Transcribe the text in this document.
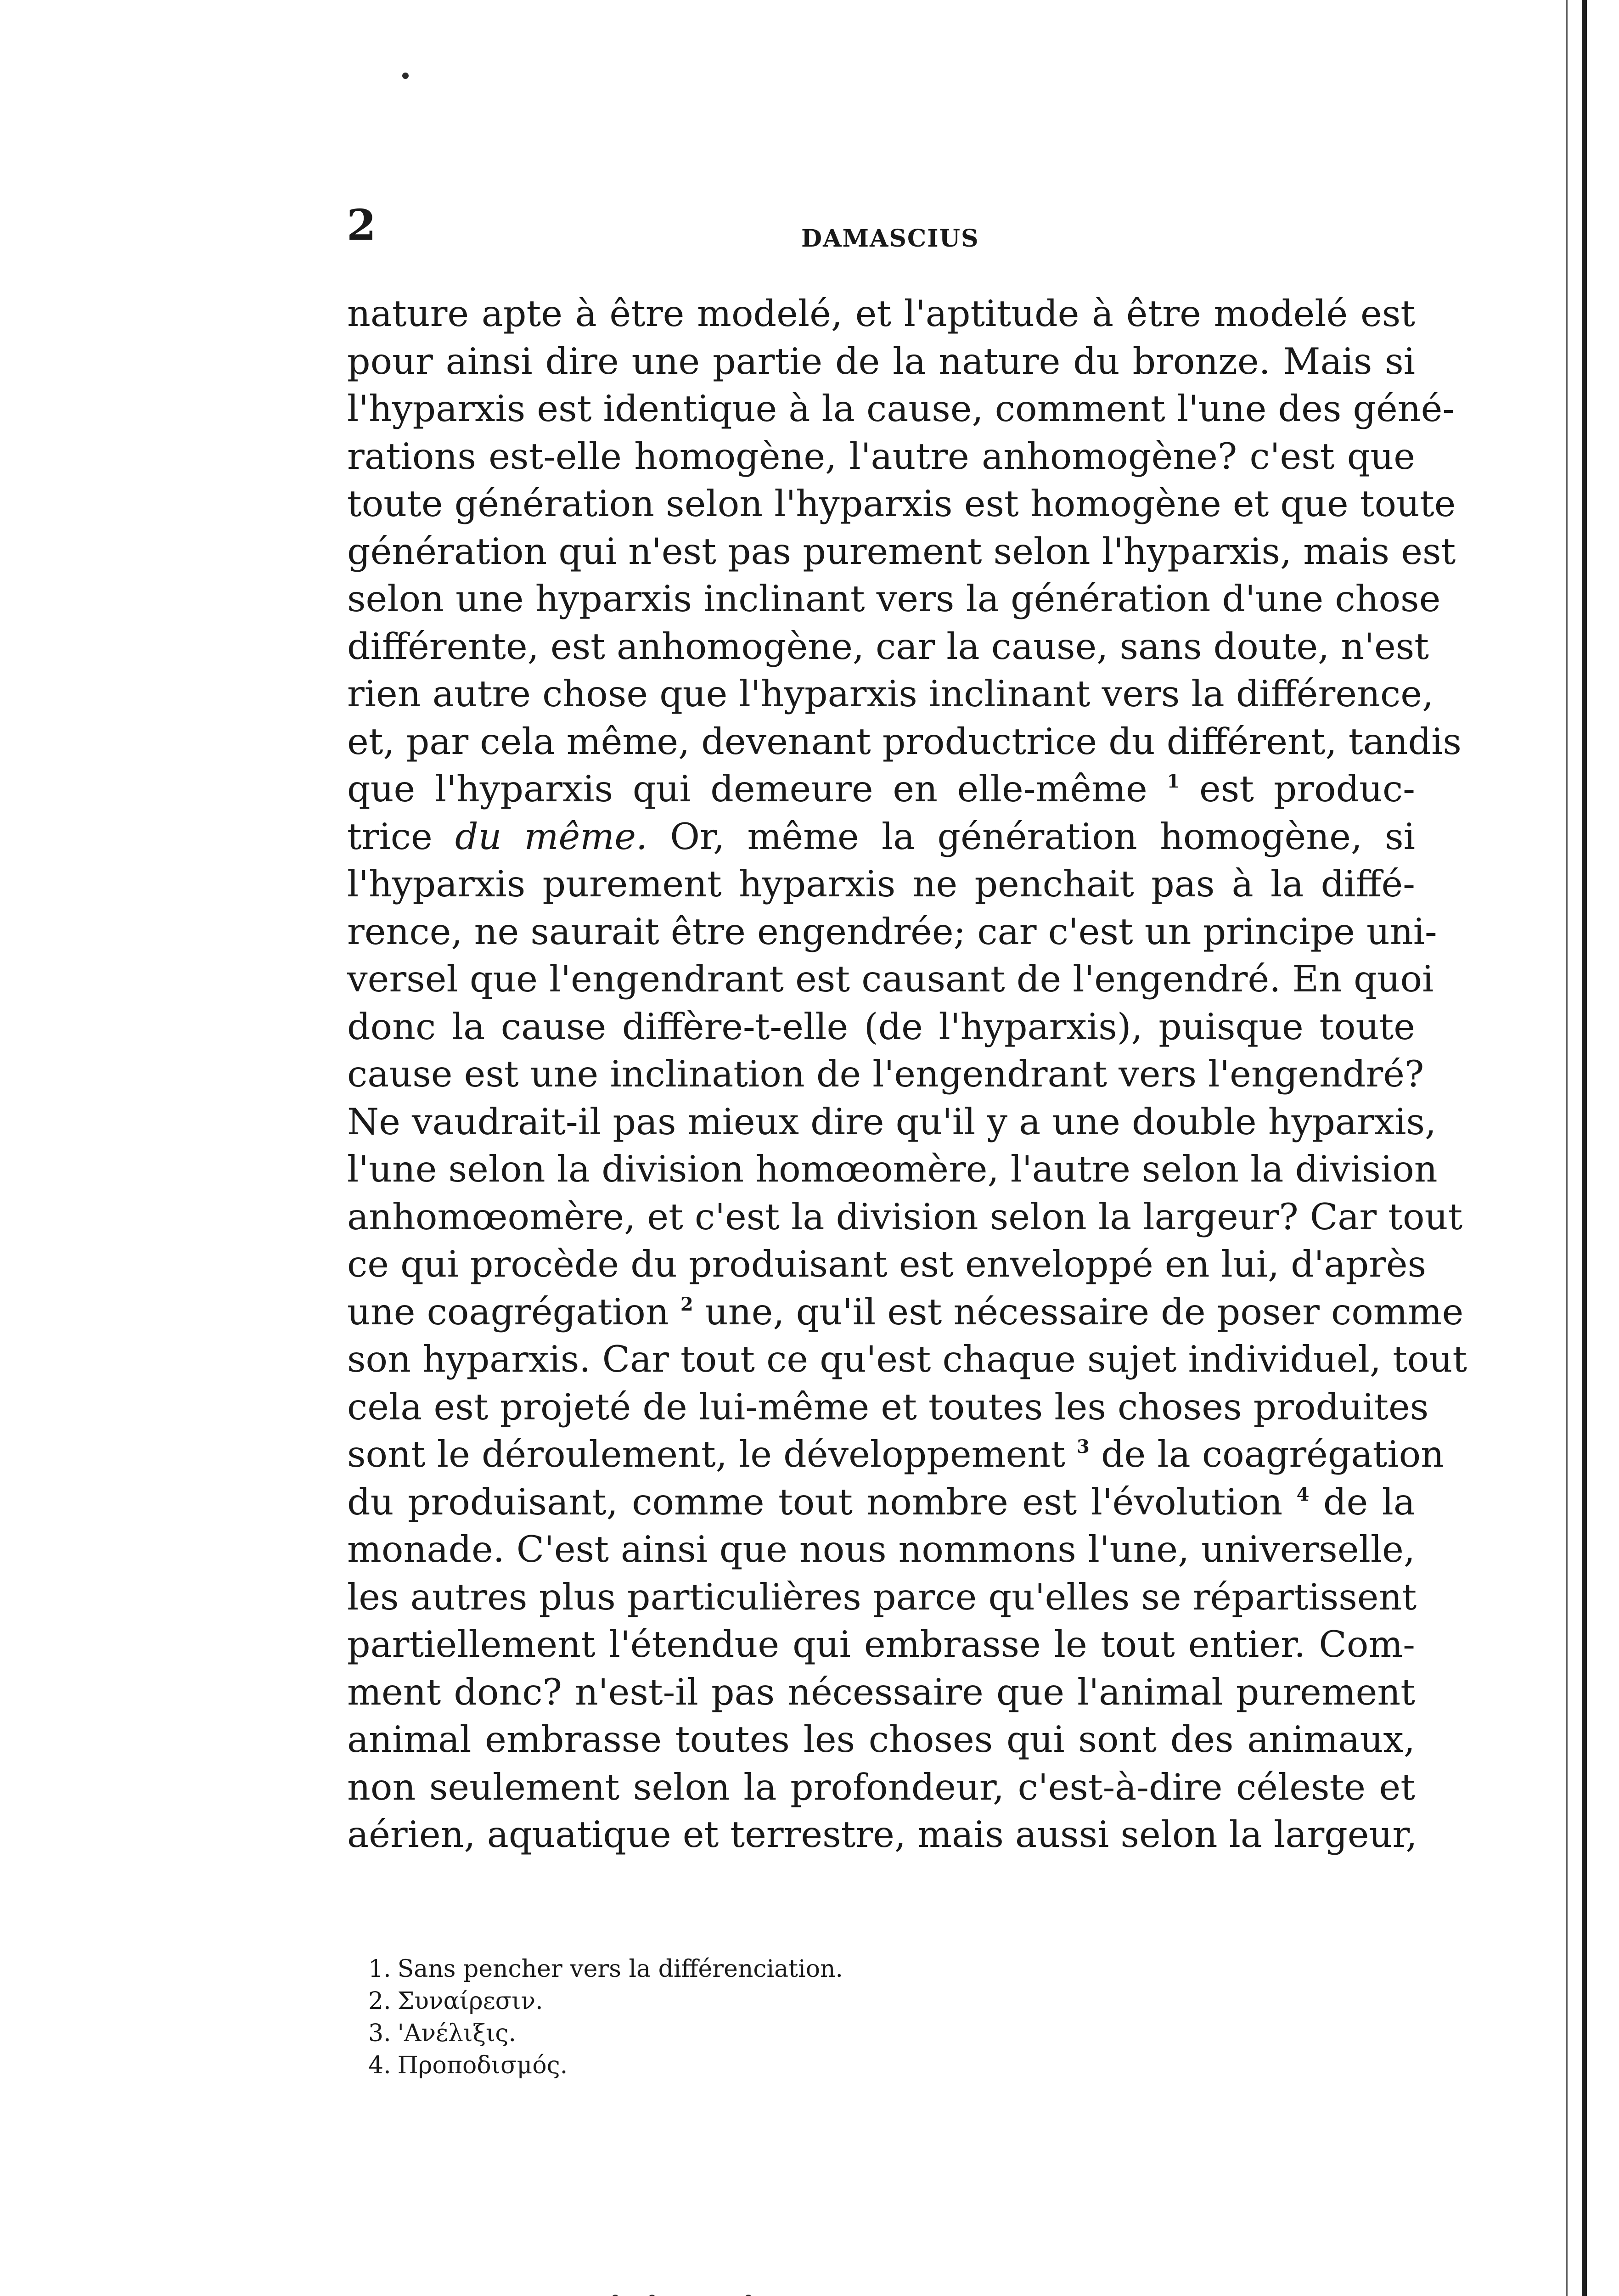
2	DAMASCIUS
nature apte à être modelé, et l'aptitude à être modelé est
pour ainsi dire une partie de la nature du bronze. Mais si
l'hyparxis est identique à la cause, comment l'une des géné-
rations est-elle homogène, l'autre anhomogène? c'est que
toute génération selon l'hyparxis est homogène et que toute
génération qui n'est pas purement selon l'hyparxis, mais est
selon une hyparxis inclinant vers la génération d'une chose
différente, est anhomogène, car la cause, sans doute, n'est
rien autre chose que l'hyparxis inclinant vers la différence,
et, par cela même, devenant productrice du différent, tandis
que l'hyparxis qui demeure en elle-même $^1$ est produc-
trice du même. Or, même la génération homogène, si
l'hyparxis purement hyparxis ne penchait pas à la diffé-
rence, ne saurait être engendrée; car c'est un principe uni-
versel que l'engendrant est causant de l'engendré. En quoi
donc la cause diffère-t-elle (de l'hyparxis), puisque toute
cause est une inclination de l'engendrant vers l'engendré?
Ne vaudrait-il pas mieux dire qu'il y a une double hyparxis,
l'une selon la division homœomère, l'autre selon la division
anhomœomère, et c'est la division selon la largeur? Car tout
ce qui procède du produisant est enveloppé en lui, d'après
une coagrégation $^2$ une, qu'il est nécessaire de poser comme
son hyparxis. Car tout ce qu'est chaque sujet individuel, tout
cela est projeté de lui-même et toutes les choses produites
sont le déroulement, le développement $^3$ de la coagrégation
du produisant, comme tout nombre est l'évolution $^4$ de la
monade. C'est ainsi que nous nommons l'une, universelle,
les autres plus particulières parce qu'elles se répartissent
partiellement l'étendue qui embrasse le tout entier. Com-
ment donc? n'est-il pas nécessaire que l'animal purement
animal embrasse toutes les choses qui sont des animaux,
non seulement selon la profondeur, c'est-à-dire céleste et
aérien, aquatique et terrestre, mais aussi selon la largeur,
1. Sans pencher vers la différenciation.
2. Συναίρεσιν.
3. 'Ανέλιξις.
4. Προποδισμός.
